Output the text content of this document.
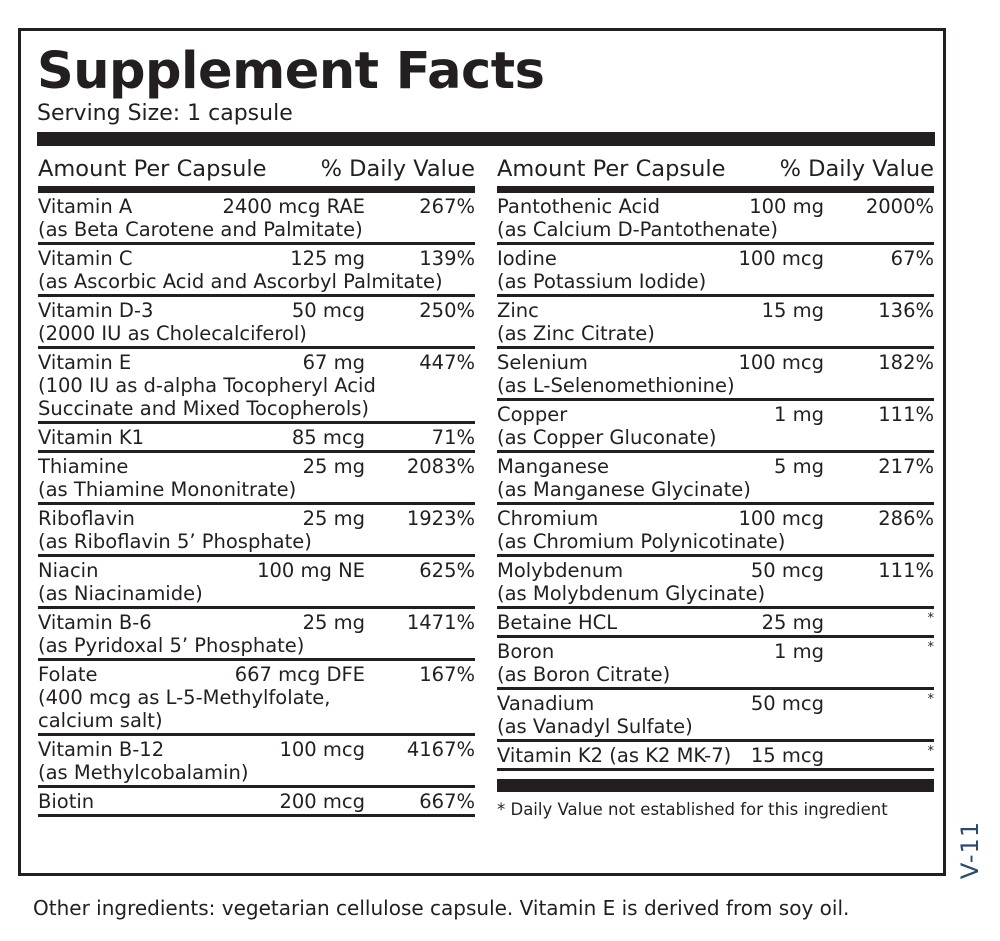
Supplement Facts
Serving Size: 1 capsule
Amount Per Capsule % Daily Value
Vitamin A	2400 mcg RAE	267%
(as Beta Carotene and Palmitate)
Vitamin C	125 mg	139%
(as Ascorbic Acid and Ascorbyl Palmitate)
Vitamin D-3	50 mcg	250%
(2000 IU as Cholecalciferol)
Vitamin E	67 mg	447%
(100 IU as d-alpha Tocopheryl Acid
Succinate and Mixed Tocopherols)
Vitamin K1	85 mcg	71%
Thiamine	25 mg 2083%
(as Thiamine Mononitrate)
Riboflavin	25 mg 1923%
(as Riboflavin 5’ Phosphate)
Niacin	100 mg NE	625%
(as Niacinamide)
Vitamin B-6	25 mg 1471%
(as Pyridoxal 5’ Phosphate)
Folate	667 mcg DFE	167%
(400 mcg as L-5-Methylfolate,
calcium salt)
Vitamin B-12	100 mcg 4167%
(as Methylcobalamin)
Biotin	200 mcg	667%
Amount Per Capsule % Daily Value
Pantothenic Acid	100 mg 2000%
(as Calcium D-Pantothenate)
Iodine	100 mcg	67%
(as Potassium Iodide)
Zinc	15 mg	136%
(as Zinc Citrate)
Selenium	100 mcg	182%
(as L-Selenomethionine)
Copper	1 mg	111%
(as Copper Gluconate)
Manganese	5 mg	217%
(as Manganese Glycinate)
Chromium	100 mcg	286%
(as Chromium Polynicotinate)
Molybdenum	50 mcg	111%
(as Molybdenum Glycinate)
Betaine HCL	25 mg	*
Boron	1 mg	*
(as Boron Citrate)
Vanadium	50 mcg	*
(as Vanadyl Sulfate)
Vitamin K2 (as K2 MK-7) 15 mcg	*
* Daily Value not established for this ingredient
V-11
Other ingredients: vegetarian cellulose capsule. Vitamin E is derived from soy oil.
